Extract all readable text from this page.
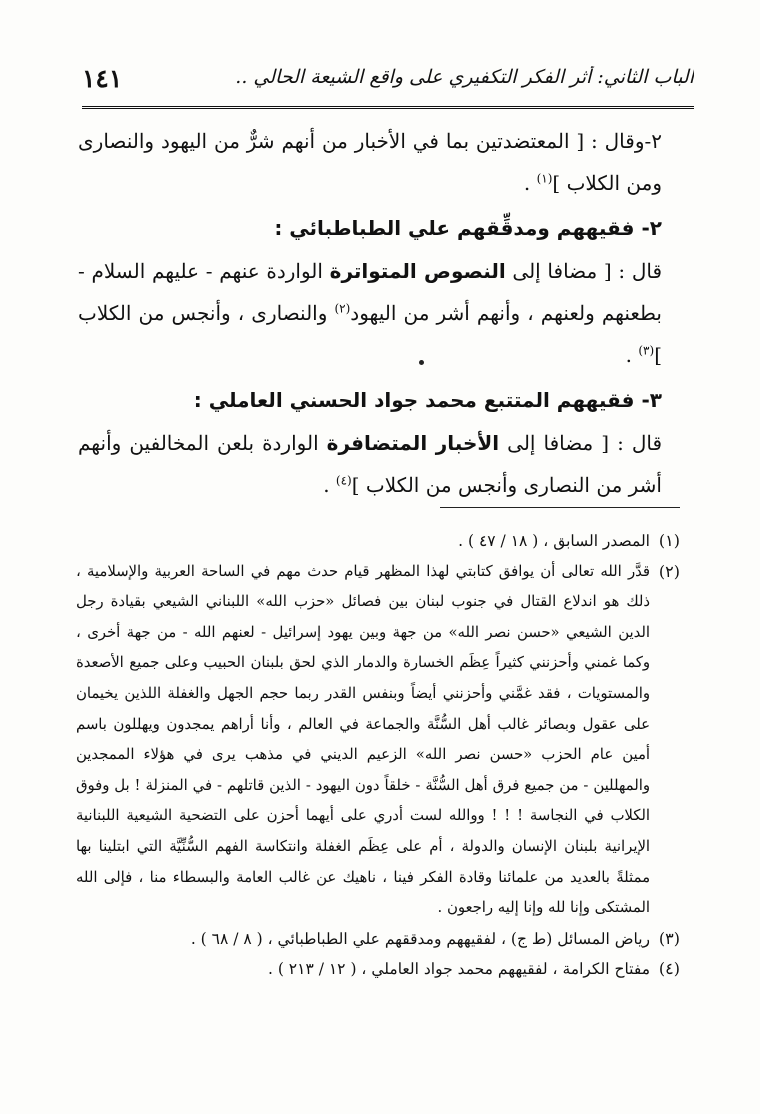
الباب الثاني: أثر الفكر التكفيري على واقع الشيعة الحالي ..
١٤١

٢-وقال : [ المعتضدتين بما في الأخبار من أنهم شرٌّ من اليهود والنصارى ومن الكلاب ]$^{(١)}$ .

٢- فقيههم ومدقِّقهم علي الطباطبائي :

قال : [ مضافا إلى النصوص المتواترة الواردة عنهم - عليهم السلام - بطعنهم ولعنهم ، وأنهم أشر من اليهود$^{(٢)}$ والنصارى ، وأنجس من الكلاب ]$^{(٣)}$ .

٣- فقيههم المتتبع محمد جواد الحسني العاملي :

قال : [ مضافا إلى الأخبار المتضافرة الواردة بلعن المخالفين وأنهم أشر من النصارى وأنجس من الكلاب ]$^{(٤)}$ .

(١)

المصدر السابق ، ( ١٨ / ٤٧ ) .

(٢)

قدَّر الله تعالى أن يوافق كتابتي لهذا المظهر قيام حدث مهم في الساحة العربية والإسلامية ، ذلك هو اندلاع القتال في جنوب لبنان بين فصائل «حزب الله» اللبناني الشيعي بقيادة رجل الدين الشيعي «حسن نصر الله» من جهة وبين يهود إسرائيل - لعنهم الله - من جهة أخرى ، وكما غمني وأحزنني كثيراً عِظَم الخسارة والدمار الذي لحق بلبنان الحبيب وعلى جميع الأصعدة والمستويات ، فقد غمَّني وأحزنني أيضاً وبنفس القدر ربما حجم الجهل والغفلة اللذين يخيمان على عقول وبصائر غالب أهل السُّنَّة والجماعة في العالم ، وأنا أراهم يمجدون ويهللون باسم أمين عام الحزب «حسن نصر الله» الزعيم الديني في مذهب يرى في هؤلاء الممجدين والمهللين - من جميع فرق أهل السُّنَّة - خلقاً دون اليهود - الذين قاتلهم - في المنزلة ! بل وفوق الكلاب في النجاسة ! ! ! ووالله لست أدري على أيهما أحزن على التضحية الشيعية اللبنانية الإيرانية بلبنان الإنسان والدولة ، أم على عِظَم الغفلة وانتكاسة الفهم السُّنِّيَّة التي ابتلينا بها ممثلةً بالعديد من علمائنا وقادة الفكر فينا ، ناهيك عن غالب العامة والبسطاء منا ، فإلى الله المشتكى وإنا لله وإنا إليه راجعون .

(٣)

رياض المسائل (ط ج) ، لفقيههم ومدققهم علي الطباطبائي ، ( ٨ / ٦٨ ) .

(٤)

مفتاح الكرامة ، لفقيههم محمد جواد العاملي ، ( ١٢ / ٢١٣ ) .
